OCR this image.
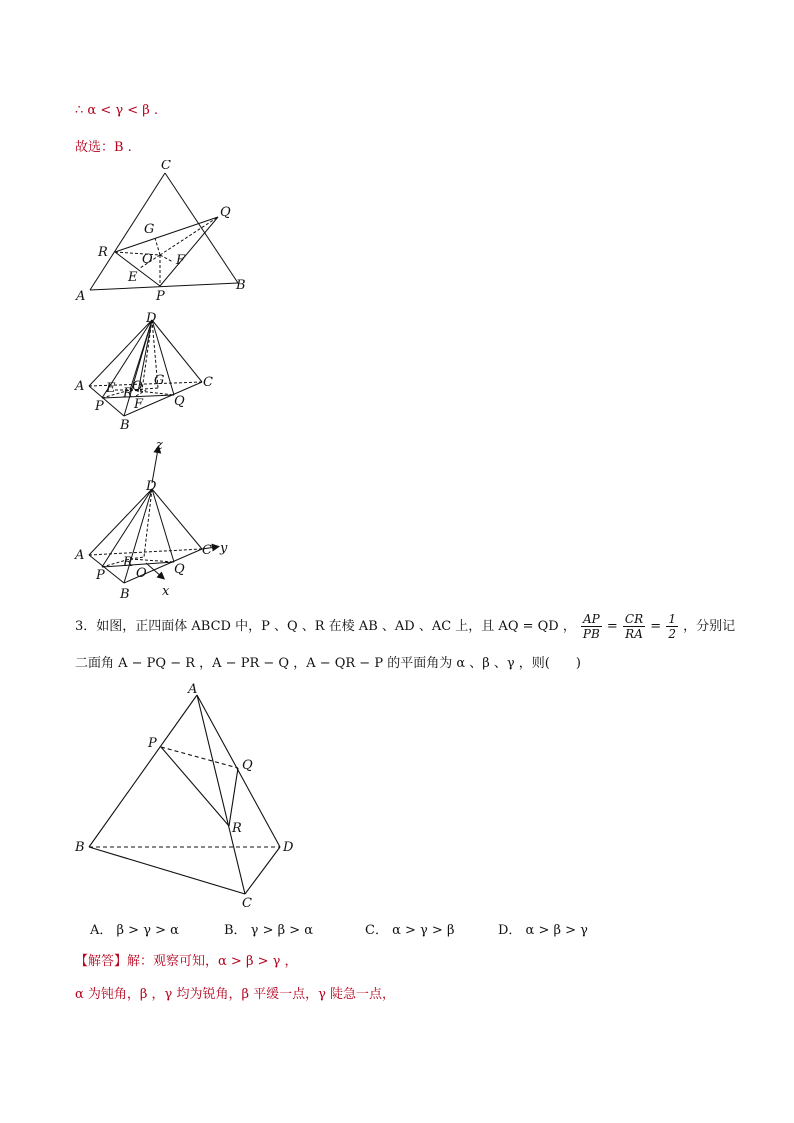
∴ α < γ < β .
故选：B .
A
C
B
Q
R
G
O
E
F
P
D
A	C
E
P
R O G
F Q
B
z
D
A	C y
R
O
P	Q
B x
3．如图，正四面体 ABCD 中，P 、Q 、R 在棱 AB 、AD 、AC 上，且 AQ = QD ， $\frac{AP}{PB} = \frac{CR}{RA} = \frac{1}{2}$ ，分别记
二面角 A − PQ − R ，A − PR − Q ，A − QR − P 的平面角为 α 、β 、γ ，则(　　)
A
P
Q
R
B	D
C
A． β > γ > α	B． γ > β > α	C． α > γ > β	D． α > β > γ
【解答】解：观察可知，α > β > γ ，
α 为钝角，β ，γ 均为锐角，β 平缓一点，γ 陡急一点，
